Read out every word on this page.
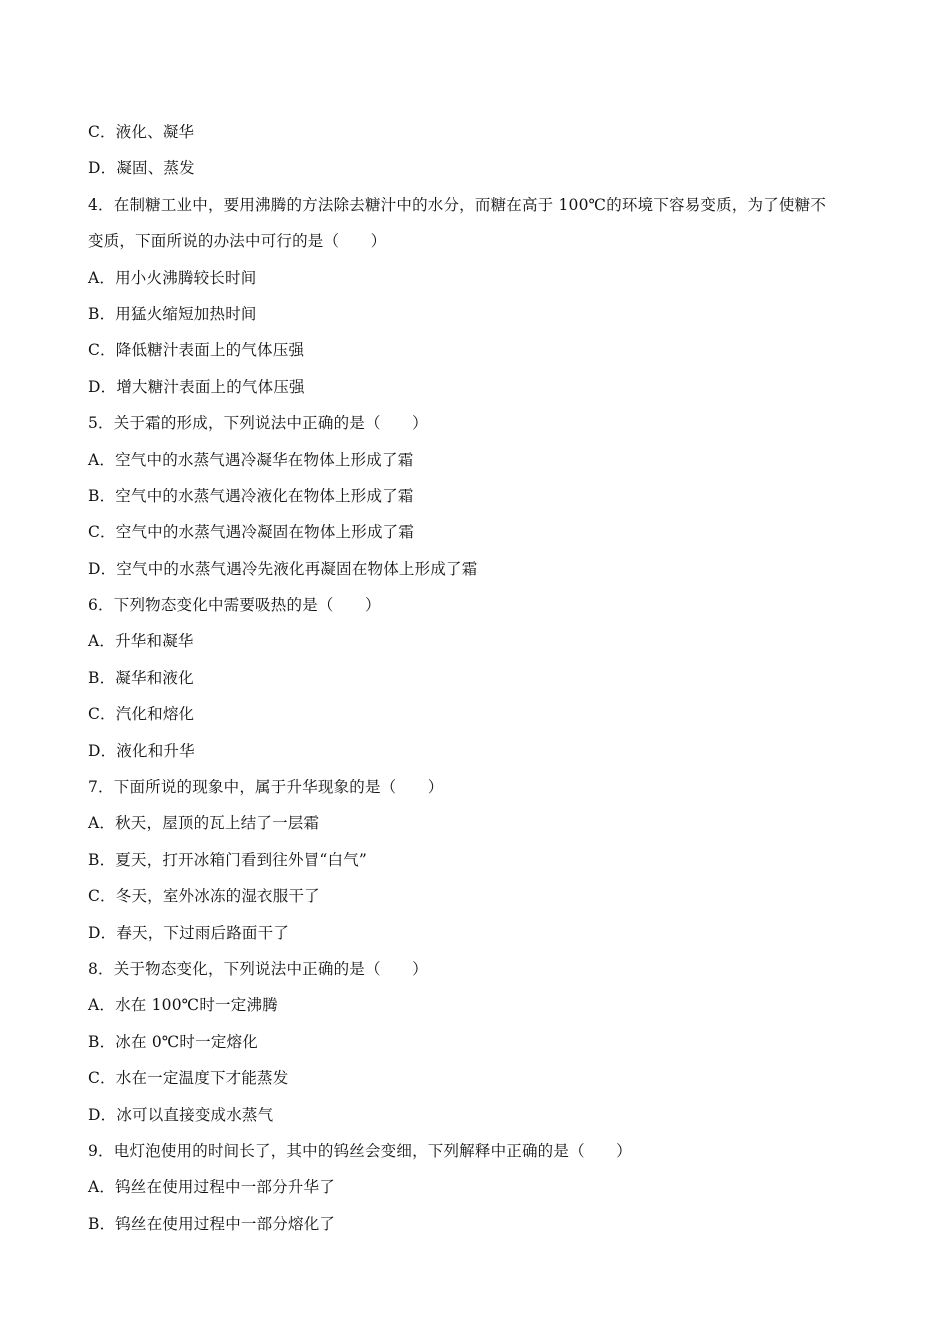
C．液化、凝华
D．凝固、蒸发
4．在制糖工业中，要用沸腾的方法除去糖汁中的水分，而糖在高于 100℃的环境下容易变质，为了使糖不
变质，下面所说的办法中可行的是（　　）
A．用小火沸腾较长时间
B．用猛火缩短加热时间
C．降低糖汁表面上的气体压强
D．增大糖汁表面上的气体压强
5．关于霜的形成，下列说法中正确的是（　　）
A．空气中的水蒸气遇冷凝华在物体上形成了霜
B．空气中的水蒸气遇冷液化在物体上形成了霜
C．空气中的水蒸气遇冷凝固在物体上形成了霜
D．空气中的水蒸气遇冷先液化再凝固在物体上形成了霜
6．下列物态变化中需要吸热的是（　　）
A．升华和凝华
B．凝华和液化
C．汽化和熔化
D．液化和升华
7．下面所说的现象中，属于升华现象的是（　　）
A．秋天，屋顶的瓦上结了一层霜
B．夏天，打开冰箱门看到往外冒“白气”
C．冬天，室外冰冻的湿衣服干了
D．春天，下过雨后路面干了
8．关于物态变化，下列说法中正确的是（　　）
A．水在 100℃时一定沸腾
B．冰在 0℃时一定熔化
C．水在一定温度下才能蒸发
D．冰可以直接变成水蒸气
9．电灯泡使用的时间长了，其中的钨丝会变细，下列解释中正确的是（　　）
A．钨丝在使用过程中一部分升华了
B．钨丝在使用过程中一部分熔化了
